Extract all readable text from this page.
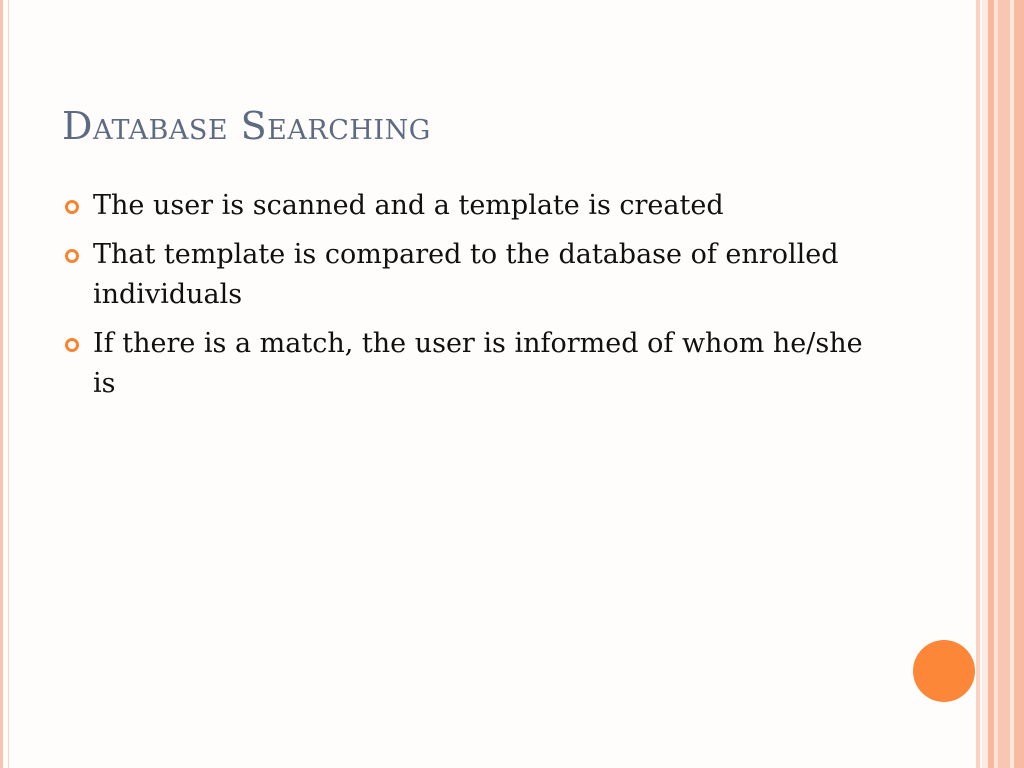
Database Searching
The user is scanned and a template is created
That template is compared to the database of enrolled individuals
If there is a match, the user is informed of whom he/she is
